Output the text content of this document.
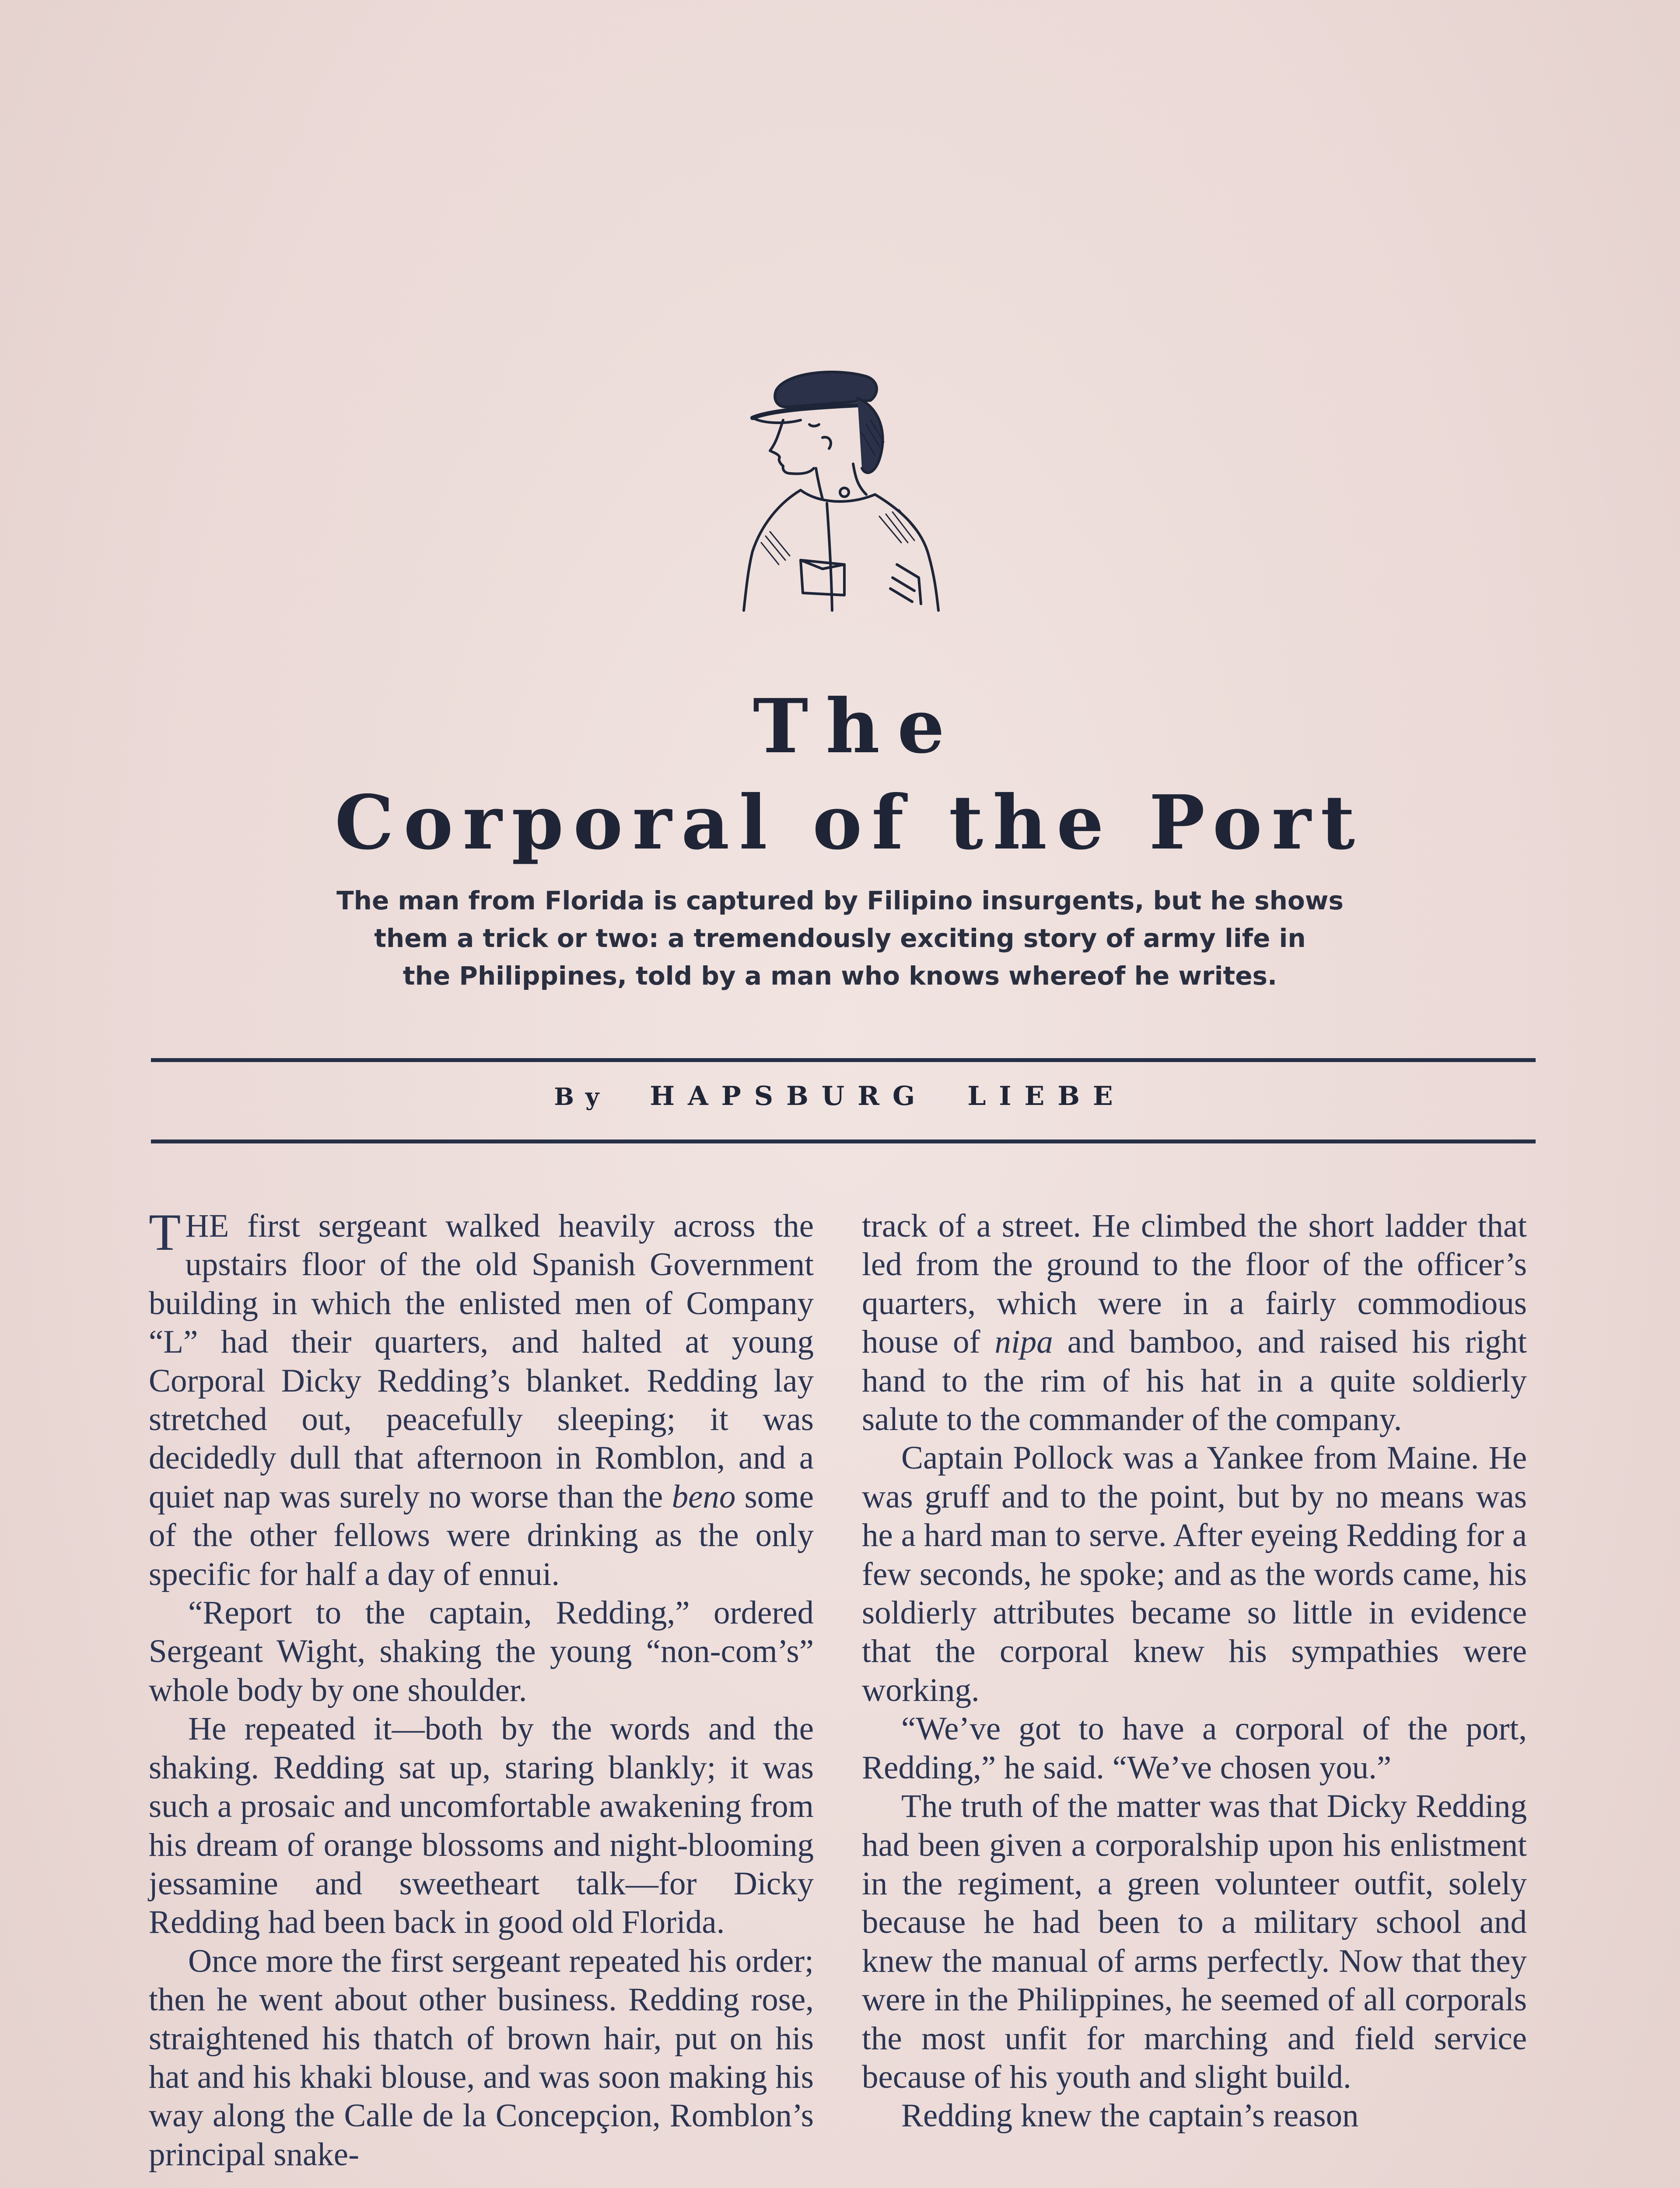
The
Corporal of the Port
The man from Florida is captured by Filipino insurgents, but he shows
them a trick or two: a tremendously exciting story of army life in
the Philippines, told by a man who knows whereof he writes.
By HAPSBURG LIEBE

THE first sergeant walked heavily across the upstairs floor of the old Spanish Government building in which the enlisted men of Company “L” had their quarters, and halted at young Corporal Dicky Redding’s blanket. Redding lay stretched out, peacefully sleeping; it was decidedly dull that afternoon in Romblon, and a quiet nap was surely no worse than the beno some of the other fellows were drinking as the only specific for half a day of ennui.

“Report to the captain, Redding,” ordered Sergeant Wight, shaking the young “non-com’s” whole body by one shoulder.

He repeated it—both by the words and the shaking. Redding sat up, staring blankly; it was such a prosaic and uncomfortable awakening from his dream of orange blossoms and night-blooming jessamine and sweetheart talk—for Dicky Redding had been back in good old Florida.

Once more the first sergeant repeated his order; then he went about other business. Redding rose, straightened his thatch of brown hair, put on his hat and his khaki blouse, and was soon making his way along the Calle de la Concepçion, Romblon’s principal snake-

track of a street. He climbed the short ladder that led from the ground to the floor of the officer’s quarters, which were in a fairly commodious house of nipa and bamboo, and raised his right hand to the rim of his hat in a quite soldierly salute to the commander of the company.

Captain Pollock was a Yankee from Maine. He was gruff and to the point, but by no means was he a hard man to serve. After eyeing Redding for a few seconds, he spoke; and as the words came, his soldierly attributes became so little in evidence that the corporal knew his sympathies were working.

“We’ve got to have a corporal of the port, Redding,” he said. “We’ve chosen you.”

The truth of the matter was that Dicky Redding had been given a corporalship upon his enlistment in the regiment, a green volunteer outfit, solely because he had been to a military school and knew the manual of arms perfectly. Now that they were in the Philippines, he seemed of all corporals the most unfit for marching and field service because of his youth and slight build.

Redding knew the captain’s reason
